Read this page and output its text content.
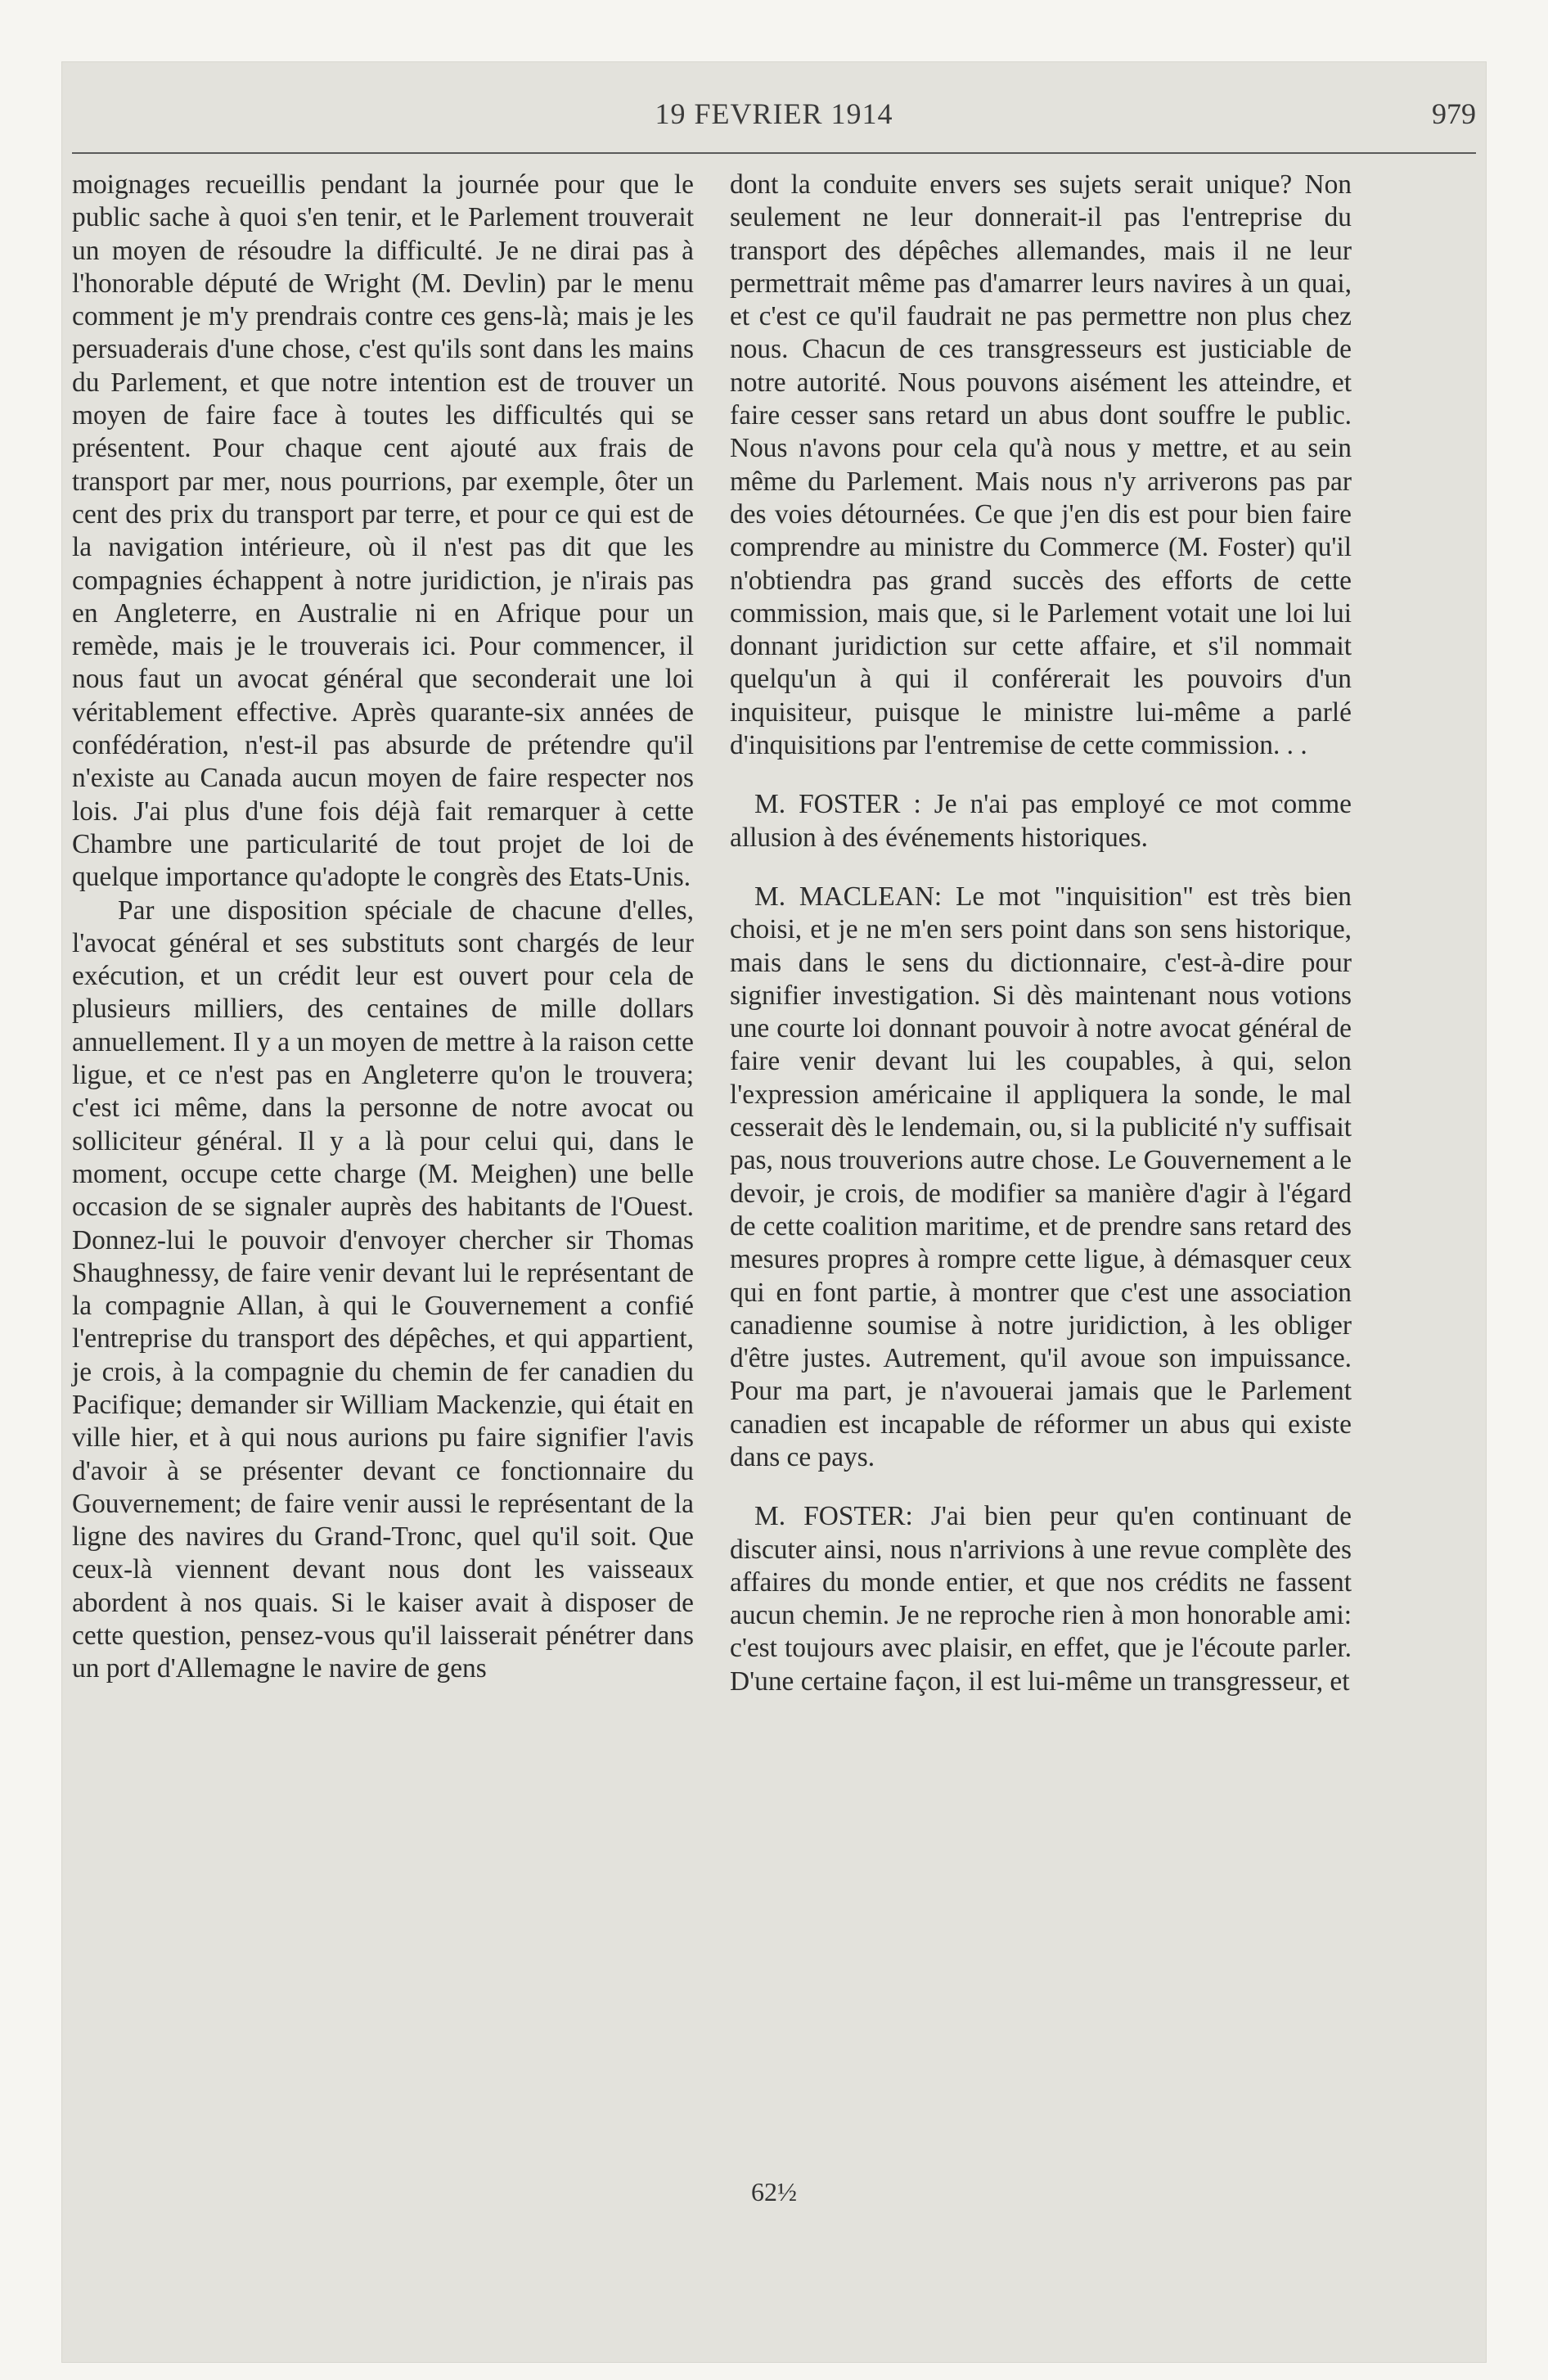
19 FEVRIER 1914	979

moignages recueillis pendant la journée pour que le public sache à quoi s'en tenir, et le Parlement trouverait un moyen de résoudre la difficulté. Je ne dirai pas à l'honorable député de Wright (M. Devlin) par le menu comment je m'y prendrais contre ces gens-là; mais je les persuaderais d'une chose, c'est qu'ils sont dans les mains du Parlement, et que notre intention est de trouver un moyen de faire face à toutes les difficultés qui se présentent. Pour chaque cent ajouté aux frais de transport par mer, nous pourrions, par exemple, ôter un cent des prix du transport par terre, et pour ce qui est de la navigation intérieure, où il n'est pas dit que les compagnies échappent à notre juridiction, je n'irais pas en Angleterre, en Australie ni en Afrique pour un remède, mais je le trouverais ici. Pour commencer, il nous faut un avocat général que seconderait une loi véritablement effective. Après quarante-six années de confédération, n'est-il pas absurde de prétendre qu'il n'existe au Canada aucun moyen de faire respecter nos lois. J'ai plus d'une fois déjà fait remarquer à cette Chambre une particularité de tout projet de loi de quelque importance qu'adopte le congrès des Etats-Unis.

Par une disposition spéciale de chacune d'elles, l'avocat général et ses substituts sont chargés de leur exécution, et un crédit leur est ouvert pour cela de plusieurs milliers, des centaines de mille dollars annuellement. Il y a un moyen de mettre à la raison cette ligue, et ce n'est pas en Angleterre qu'on le trouvera; c'est ici même, dans la personne de notre avocat ou solliciteur général. Il y a là pour celui qui, dans le moment, occupe cette charge (M. Meighen) une belle occasion de se signaler auprès des habitants de l'Ouest. Donnez-lui le pouvoir d'envoyer chercher sir Thomas Shaughnessy, de faire venir devant lui le représentant de la compagnie Allan, à qui le Gouvernement a confié l'entreprise du transport des dépêches, et qui appartient, je crois, à la compagnie du chemin de fer canadien du Pacifique; demander sir William Mackenzie, qui était en ville hier, et à qui nous aurions pu faire signifier l'avis d'avoir à se présenter devant ce fonctionnaire du Gouvernement; de faire venir aussi le représentant de la ligne des navires du Grand-Tronc, quel qu'il soit. Que ceux-là viennent devant nous dont les vaisseaux abordent à nos quais. Si le kaiser avait à disposer de cette question, pensez-vous qu'il laisserait pénétrer dans un port d'Allemagne le navire de gens

dont la conduite envers ses sujets serait unique? Non seulement ne leur donnerait-il pas l'entreprise du transport des dépêches allemandes, mais il ne leur permettrait même pas d'amarrer leurs navires à un quai, et c'est ce qu'il faudrait ne pas permettre non plus chez nous. Chacun de ces transgresseurs est justiciable de notre autorité. Nous pouvons aisément les atteindre, et faire cesser sans retard un abus dont souffre le public. Nous n'avons pour cela qu'à nous y mettre, et au sein même du Parlement. Mais nous n'y arriverons pas par des voies détournées. Ce que j'en dis est pour bien faire comprendre au ministre du Commerce (M. Foster) qu'il n'obtiendra pas grand succès des efforts de cette commission, mais que, si le Parlement votait une loi lui donnant juridiction sur cette affaire, et s'il nommait quelqu'un à qui il conférerait les pouvoirs d'un inquisiteur, puisque le ministre lui-même a parlé d'inquisitions par l'entremise de cette commission. . .

M. FOSTER : Je n'ai pas employé ce mot comme allusion à des événements historiques.

M. MACLEAN: Le mot "inquisition" est très bien choisi, et je ne m'en sers point dans son sens historique, mais dans le sens du dictionnaire, c'est-à-dire pour signifier investigation. Si dès maintenant nous votions une courte loi donnant pouvoir à notre avocat général de faire venir devant lui les coupables, à qui, selon l'expression américaine il appliquera la sonde, le mal cesserait dès le lendemain, ou, si la publicité n'y suffisait pas, nous trouverions autre chose. Le Gouvernement a le devoir, je crois, de modifier sa manière d'agir à l'égard de cette coalition maritime, et de prendre sans retard des mesures propres à rompre cette ligue, à démasquer ceux qui en font partie, à montrer que c'est une association canadienne soumise à notre juridiction, à les obliger d'être justes. Autrement, qu'il avoue son impuissance. Pour ma part, je n'avouerai jamais que le Parlement canadien est incapable de réformer un abus qui existe dans ce pays.

M. FOSTER: J'ai bien peur qu'en continuant de discuter ainsi, nous n'arrivions à une revue complète des affaires du monde entier, et que nos crédits ne fassent aucun chemin. Je ne reproche rien à mon honorable ami: c'est toujours avec plaisir, en effet, que je l'écoute parler. D'une certaine façon, il est lui-même un transgresseur, et

62½
